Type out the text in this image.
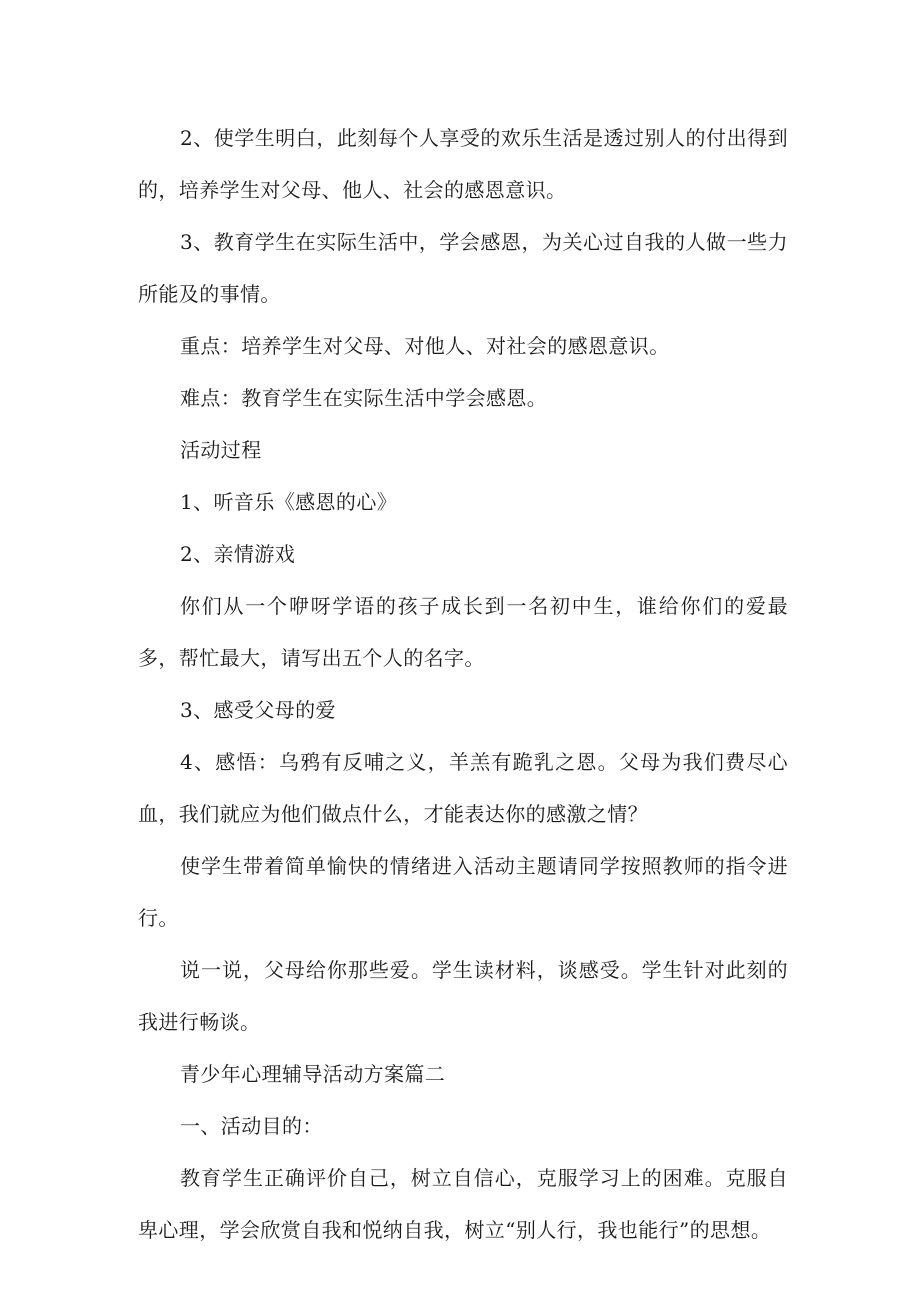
2、使学生明白，此刻每个人享受的欢乐生活是透过别人的付出得到的，培养学生对父母、他人、社会的感恩意识。

3、教育学生在实际生活中，学会感恩，为关心过自我的人做一些力所能及的事情。

重点：培养学生对父母、对他人、对社会的感恩意识。

难点：教育学生在实际生活中学会感恩。

活动过程

1、听音乐《感恩的心》

2、亲情游戏

你们从一个咿呀学语的孩子成长到一名初中生，谁给你们的爱最多，帮忙最大，请写出五个人的名字。

3、感受父母的爱

4、感悟：乌鸦有反哺之义，羊羔有跪乳之恩。父母为我们费尽心血，我们就应为他们做点什么，才能表达你的感激之情？

使学生带着简单愉快的情绪进入活动主题请同学按照教师的指令进行。

说一说，父母给你那些爱。学生读材料，谈感受。学生针对此刻的我进行畅谈。

青少年心理辅导活动方案篇二

一、活动目的：

教育学生正确评价自己，树立自信心，克服学习上的困难。克服自卑心理，学会欣赏自我和悦纳自我，树立“别人行，我也能行”的思想。
